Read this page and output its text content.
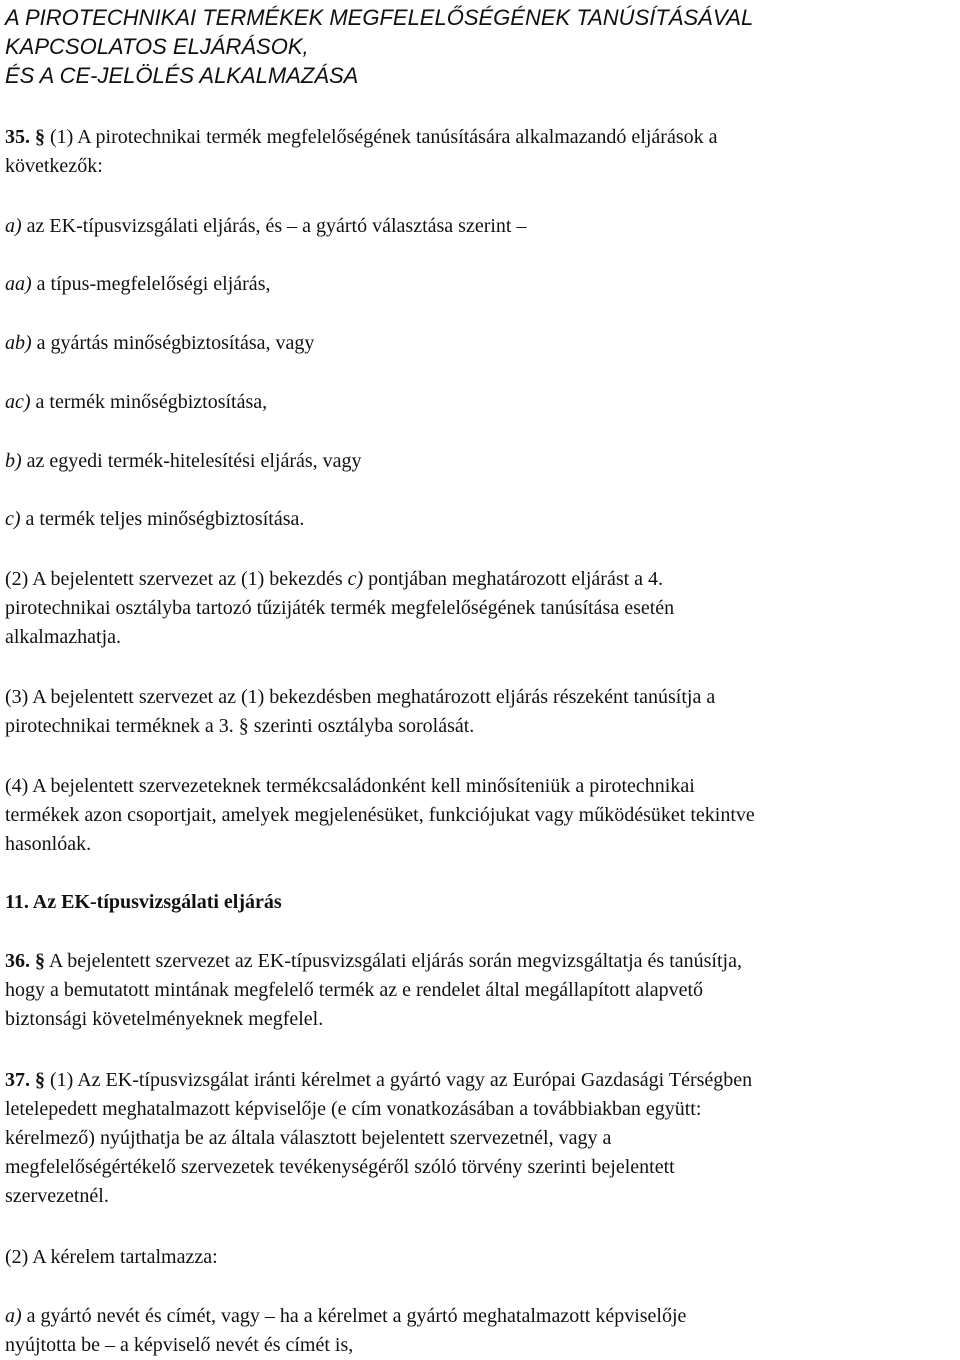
A PIROTECHNIKAI TERMÉKEK MEGFELELŐSÉGÉNEK TANÚSÍTÁSÁVAL
KAPCSOLATOS ELJÁRÁSOK,
ÉS A CE-JELÖLÉS ALKALMAZÁSA
35. § (1) A pirotechnikai termék megfelelőségének tanúsítására alkalmazandó eljárások a
következők:
a) az EK-típusvizsgálati eljárás, és – a gyártó választása szerint –
aa) a típus-megfelelőségi eljárás,
ab) a gyártás minőségbiztosítása, vagy
ac) a termék minőségbiztosítása,
b) az egyedi termék-hitelesítési eljárás, vagy
c) a termék teljes minőségbiztosítása.
(2) A bejelentett szervezet az (1) bekezdés c) pontjában meghatározott eljárást a 4.
pirotechnikai osztályba tartozó tűzijáték termék megfelelőségének tanúsítása esetén
alkalmazhatja.
(3) A bejelentett szervezet az (1) bekezdésben meghatározott eljárás részeként tanúsítja a
pirotechnikai terméknek a 3. § szerinti osztályba sorolását.
(4) A bejelentett szervezeteknek termékcsaládonként kell minősíteniük a pirotechnikai
termékek azon csoportjait, amelyek megjelenésüket, funkciójukat vagy működésüket tekintve
hasonlóak.
11. Az EK-típusvizsgálati eljárás
36. § A bejelentett szervezet az EK-típusvizsgálati eljárás során megvizsgáltatja és tanúsítja,
hogy a bemutatott mintának megfelelő termék az e rendelet által megállapított alapvető
biztonsági követelményeknek megfelel.
37. § (1) Az EK-típusvizsgálat iránti kérelmet a gyártó vagy az Európai Gazdasági Térségben
letelepedett meghatalmazott képviselője (e cím vonatkozásában a továbbiakban együtt:
kérelmező) nyújthatja be az általa választott bejelentett szervezetnél, vagy a
megfelelőségértékelő szervezetek tevékenységéről szóló törvény szerinti bejelentett
szervezetnél.
(2) A kérelem tartalmazza:
a) a gyártó nevét és címét, vagy – ha a kérelmet a gyártó meghatalmazott képviselője
nyújtotta be – a képviselő nevét és címét is,
